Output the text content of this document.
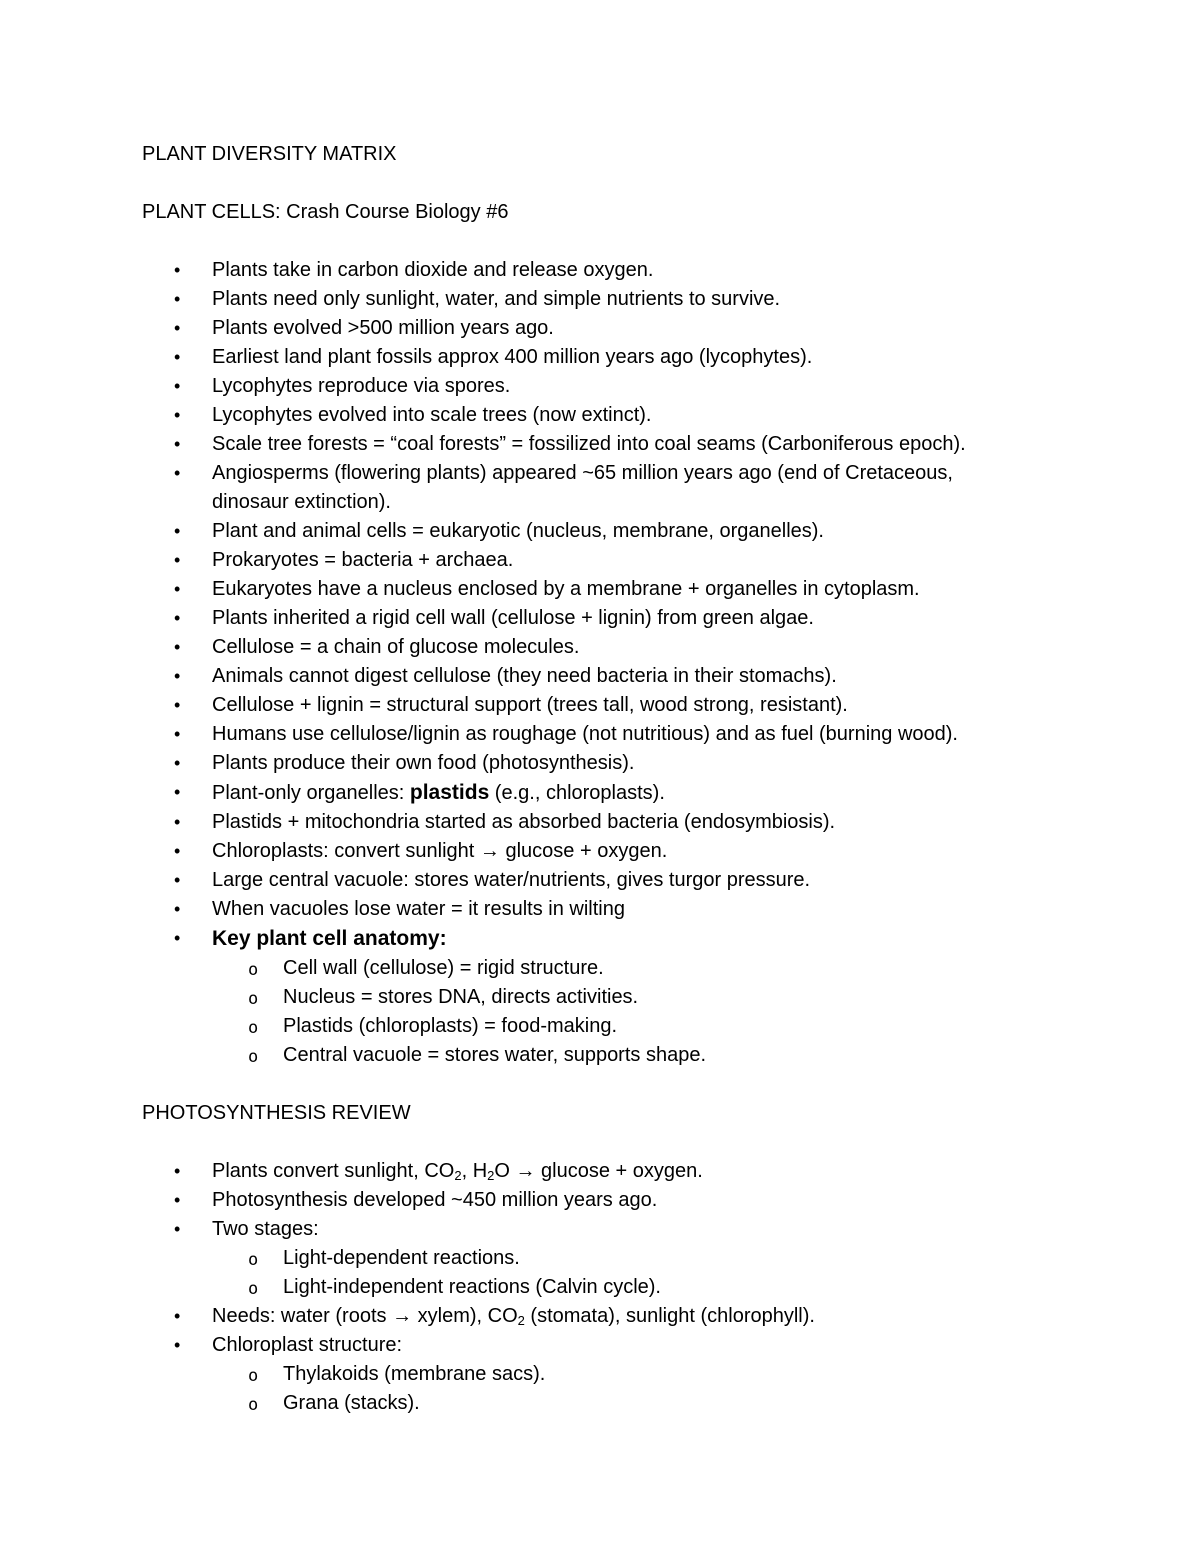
PLANT DIVERSITY MATRIX

PLANT CELLS: Crash Course Biology #6

• Plants take in carbon dioxide and release oxygen.
• Plants need only sunlight, water, and simple nutrients to survive.
• Plants evolved >500 million years ago.
• Earliest land plant fossils approx 400 million years ago (lycophytes).
• Lycophytes reproduce via spores.
• Lycophytes evolved into scale trees (now extinct).
• Scale tree forests = “coal forests” = fossilized into coal seams (Carboniferous epoch).
• Angiosperms (flowering plants) appeared ~65 million years ago (end of Cretaceous, dinosaur extinction).
• Plant and animal cells = eukaryotic (nucleus, membrane, organelles).
• Prokaryotes = bacteria + archaea.
• Eukaryotes have a nucleus enclosed by a membrane + organelles in cytoplasm.
• Plants inherited a rigid cell wall (cellulose + lignin) from green algae.
• Cellulose = a chain of glucose molecules.
• Animals cannot digest cellulose (they need bacteria in their stomachs).
• Cellulose + lignin = structural support (trees tall, wood strong, resistant).
• Humans use cellulose/lignin as roughage (not nutritious) and as fuel (burning wood).
• Plants produce their own food (photosynthesis).
• Plant-only organelles: plastids (e.g., chloroplasts).
• Plastids + mitochondria started as absorbed bacteria (endosymbiosis).
• Chloroplasts: convert sunlight → glucose + oxygen.
• Large central vacuole: stores water/nutrients, gives turgor pressure.
• When vacuoles lose water = it results in wilting
• Key plant cell anatomy:
o Cell wall (cellulose) = rigid structure.
o Nucleus = stores DNA, directs activities.
o Plastids (chloroplasts) = food-making.
o Central vacuole = stores water, supports shape.

PHOTOSYNTHESIS REVIEW

• Plants convert sunlight, $CO_2$, $H_2O \to glucose$ + oxygen.
• Photosynthesis developed ~450 million years ago.
• Two stages:
o Light-dependent reactions.
o Light-independent reactions (Calvin cycle).
• Needs: water (roots → xylem), $CO_2$ (stomata), sunlight (chlorophyll).
• Chloroplast structure:
o Thylakoids (membrane sacs).
o Grana (stacks).
